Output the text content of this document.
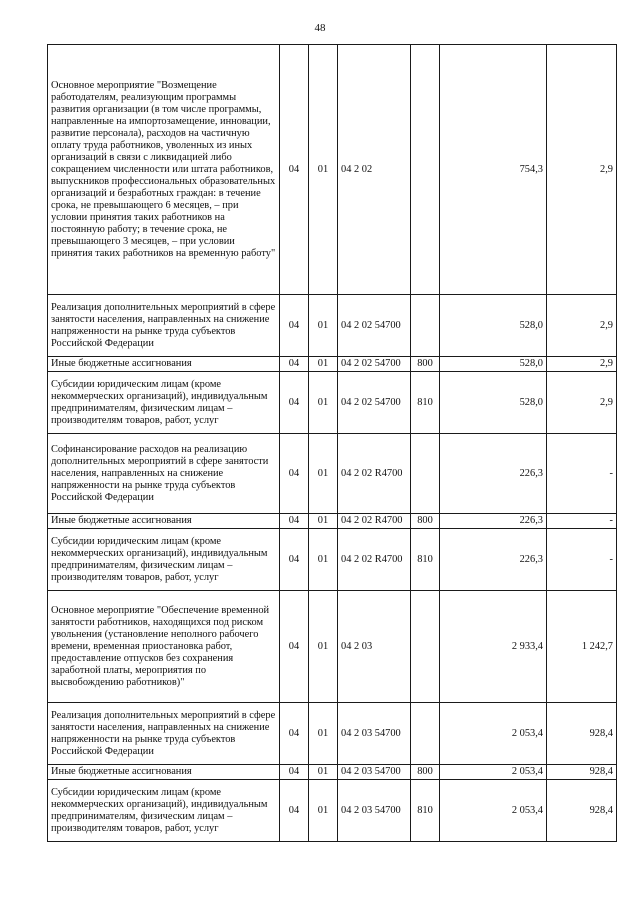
48
Основное мероприятие "Возмещение работодателям, реализующим программы развития организации (в том числе программы, направленные на импортозамещение, инновации, развитие персонала), расходов на частичную оплату труда работников, уволенных из иных организаций в связи с ликвидацией либо сокращением численности или штата работников, выпускников профессиональных образовательных организаций и безработных граждан: в течение срока, не превышающего 6 месяцев, – при условии принятия таких работников на постоянную работу; в течение срока, не превышающего 3 месяцев, – при условии принятия таких работников на временную работу"	04	01	04 2 02		754,3	2,9
Реализация дополнительных мероприятий в сфере занятости населения, направленных на снижение напряженности на рынке труда субъектов Российской Федерации	04	01	04 2 02 54700		528,0	2,9
Иные бюджетные ассигнования	04	01	04 2 02 54700	800	528,0	2,9
Субсидии юридическим лицам (кроме некоммерческих организаций), индивидуальным предпринимателям, физическим лицам – производителям товаров, работ, услуг	04	01	04 2 02 54700	810	528,0	2,9
Софинансирование расходов на реализацию дополнительных мероприятий в сфере занятости населения, направленных на снижение напряженности на рынке труда субъектов Российской Федерации	04	01	04 2 02 R4700		226,3	-
Иные бюджетные ассигнования	04	01	04 2 02 R4700	800	226,3	-
Субсидии юридическим лицам (кроме некоммерческих организаций), индивидуальным предпринимателям, физическим лицам – производителям товаров, работ, услуг	04	01	04 2 02 R4700	810	226,3	-
Основное мероприятие "Обеспечение временной занятости работников, находящихся под риском увольнения (установление неполного рабочего времени, временная приостановка работ, предоставление отпусков без сохранения заработной платы, мероприятия по высвобождению работников)"	04	01	04 2 03		2 933,4	1 242,7
Реализация дополнительных мероприятий в сфере занятости населения, направленных на снижение напряженности на рынке труда субъектов Российской Федерации	04	01	04 2 03 54700		2 053,4	928,4
Иные бюджетные ассигнования	04	01	04 2 03 54700	800	2 053,4	928,4
Субсидии юридическим лицам (кроме некоммерческих организаций), индивидуальным предпринимателям, физическим лицам – производителям товаров, работ, услуг	04	01	04 2 03 54700	810	2 053,4	928,4
